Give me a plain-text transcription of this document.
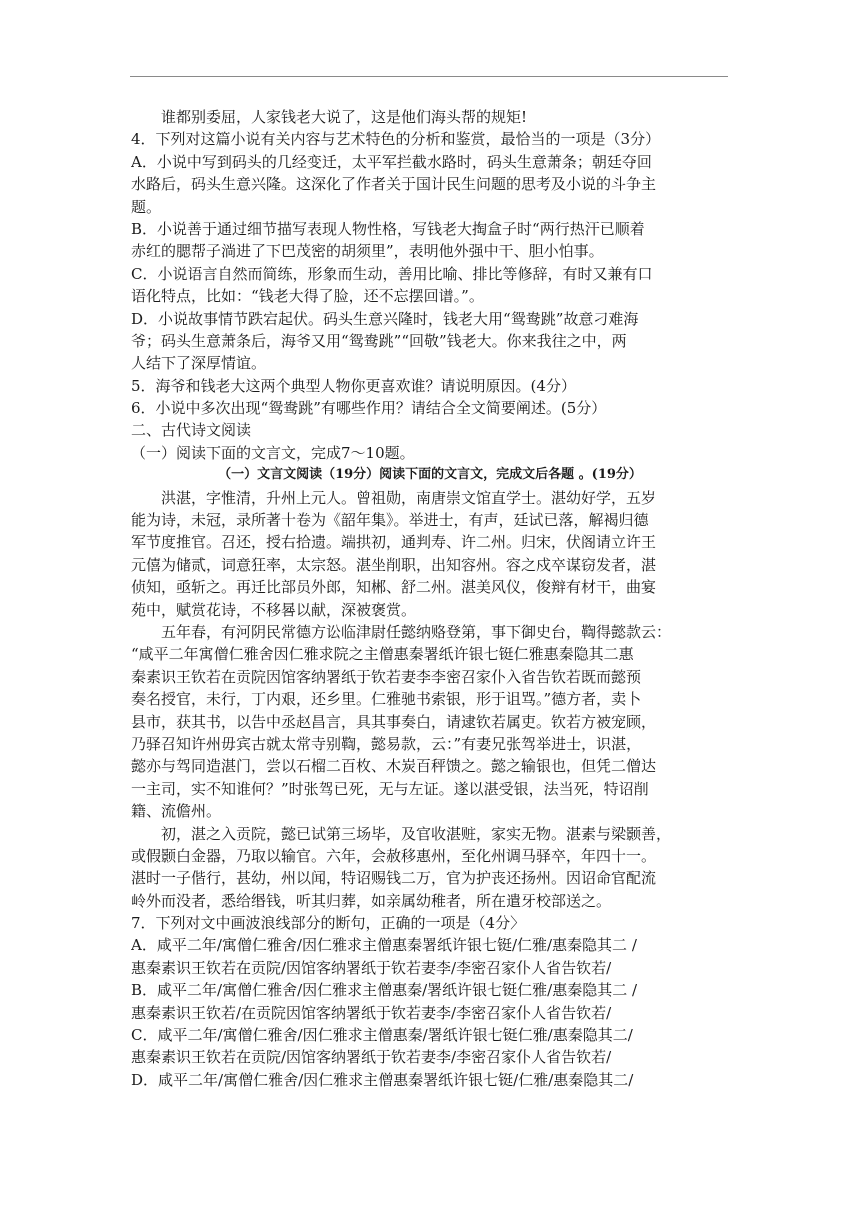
谁都别委屈，人家钱老大说了，这是他们海头帮的规矩!
4．下列对这篇小说有关内容与艺术特色的分析和鉴赏，最恰当的一项是（3分）
A．小说中写到码头的几经变迁，太平军拦截水路时，码头生意萧条；朝廷夺回
水路后，码头生意兴隆。这深化了作者关于国计民生问题的思考及小说的斗争主
题。
B．小说善于通过细节描写表现人物性格，写钱老大掏盒子时“两行热汗已顺着
赤红的腮帮子淌进了下巴茂密的胡须里”，表明他外强中干、胆小怕事。
C．小说语言自然而简练，形象而生动，善用比喻、排比等修辞，有时又兼有口
语化特点，比如：“钱老大得了脸，还不忘摆回谱。”。
D．小说故事情节跌宕起伏。码头生意兴隆时，钱老大用“鸳鸯跳”故意刁难海
爷；码头生意萧条后，海爷又用“鸳鸯跳”“回敬”钱老大。你来我往之中，两
人结下了深厚情谊。
5．海爷和钱老大这两个典型人物你更喜欢谁？请说明原因。(4分）
6．小说中多次出现“鸳鸯跳”有哪些作用？请结合全文简要阐述。(5分）
二、古代诗文阅读
（一）阅读下面的文言文，完成7～10题。
（一）文言文阅读（19分）阅读下面的文言文，完成文后各题 。(19分）
洪湛，字惟清，升州上元人。曾祖勋，南唐崇文馆直学士。湛幼好学，五岁
能为诗，未冠，录所著十卷为《韶年集》。举进士，有声，廷试已落，解褐归德
军节度推官。召还，授右拾遗。端拱初，通判寿、许二州。归宋，伏阁请立许王
元僖为储贰，词意狂率，太宗怒。湛坐削职，出知容州。容之戍卒谋窃发者，湛
侦知，亟斩之。再迁比部员外郎，知郴、舒二州。湛美风仪，俊辩有材干，曲宴
苑中，赋赏花诗，不移晷以献，深被褒赏。
五年春，有河阴民常德方讼临津尉任懿纳赂登第，事下御史台，鞫得懿款云：
“咸平二年寓僧仁雅舍因仁雅求院之主僧惠秦署纸许银七铤仁雅惠秦隐其二惠
秦素识王钦若在贡院因馆客纳署纸于钦若妻李李密召家仆入省告钦若既而懿预
奏名授官，未行，丁内艰，还乡里。仁雅驰书索银，形于诅骂。”德方者，卖卜
县市，获其书，以告中丞赵昌言，具其事奏白，请逮钦若属吏。钦若方被宠顾，
乃驿召知许州毋宾古就太常寺别鞫，懿易款，云：”有妻兄张驾举进士，识湛，
懿亦与驾同造湛门，尝以石榴二百枚、木炭百秤馈之。懿之输银也，但凭二僧达
一主司，实不知谁何？”时张驾已死，无与左证。遂以湛受银，法当死，特诏削
籍、流儋州。
初，湛之入贡院，懿已试第三场毕，及官收湛赃，家实无物。湛素与梁颢善，
或假颢白金器，乃取以输官。六年，会赦移惠州，至化州调马驿卒，年四十一。
湛时一子偕行，甚幼，州以闻，特诏赐钱二万，官为护丧还扬州。因诏命官配流
岭外而没者，悉给缗钱，听其归葬，如亲属幼稚者，所在遣牙校部送之。
7．下列对文中画波浪线部分的断句，正确的一项是（4分〉
A．咸平二年/寓僧仁雅舍/因仁雅求主僧惠秦署纸许银七铤/仁雅/惠秦隐其二 /
惠秦素识王钦若在贡院/因馆客纳署纸于钦若妻李/李密召家仆人省告钦若/
B．咸平二年/寓僧仁雅舍/因仁雅求主僧惠秦/署纸许银七铤仁雅/惠秦隐其二 /
惠秦素识王钦若/在贡院因馆客纳署纸于钦若妻李/李密召家仆人省告钦若/
C．咸平二年/寓僧仁雅舍/因仁雅求主僧惠秦/署纸许银七铤仁雅/惠秦隐其二/
惠秦素识王钦若在贡院/因馆客纳署纸于钦若妻李/李密召家仆人省告钦若/
D．咸平二年/寓僧仁雅舍/因仁雅求主僧惠秦署纸许银七铤/仁雅/惠秦隐其二/
